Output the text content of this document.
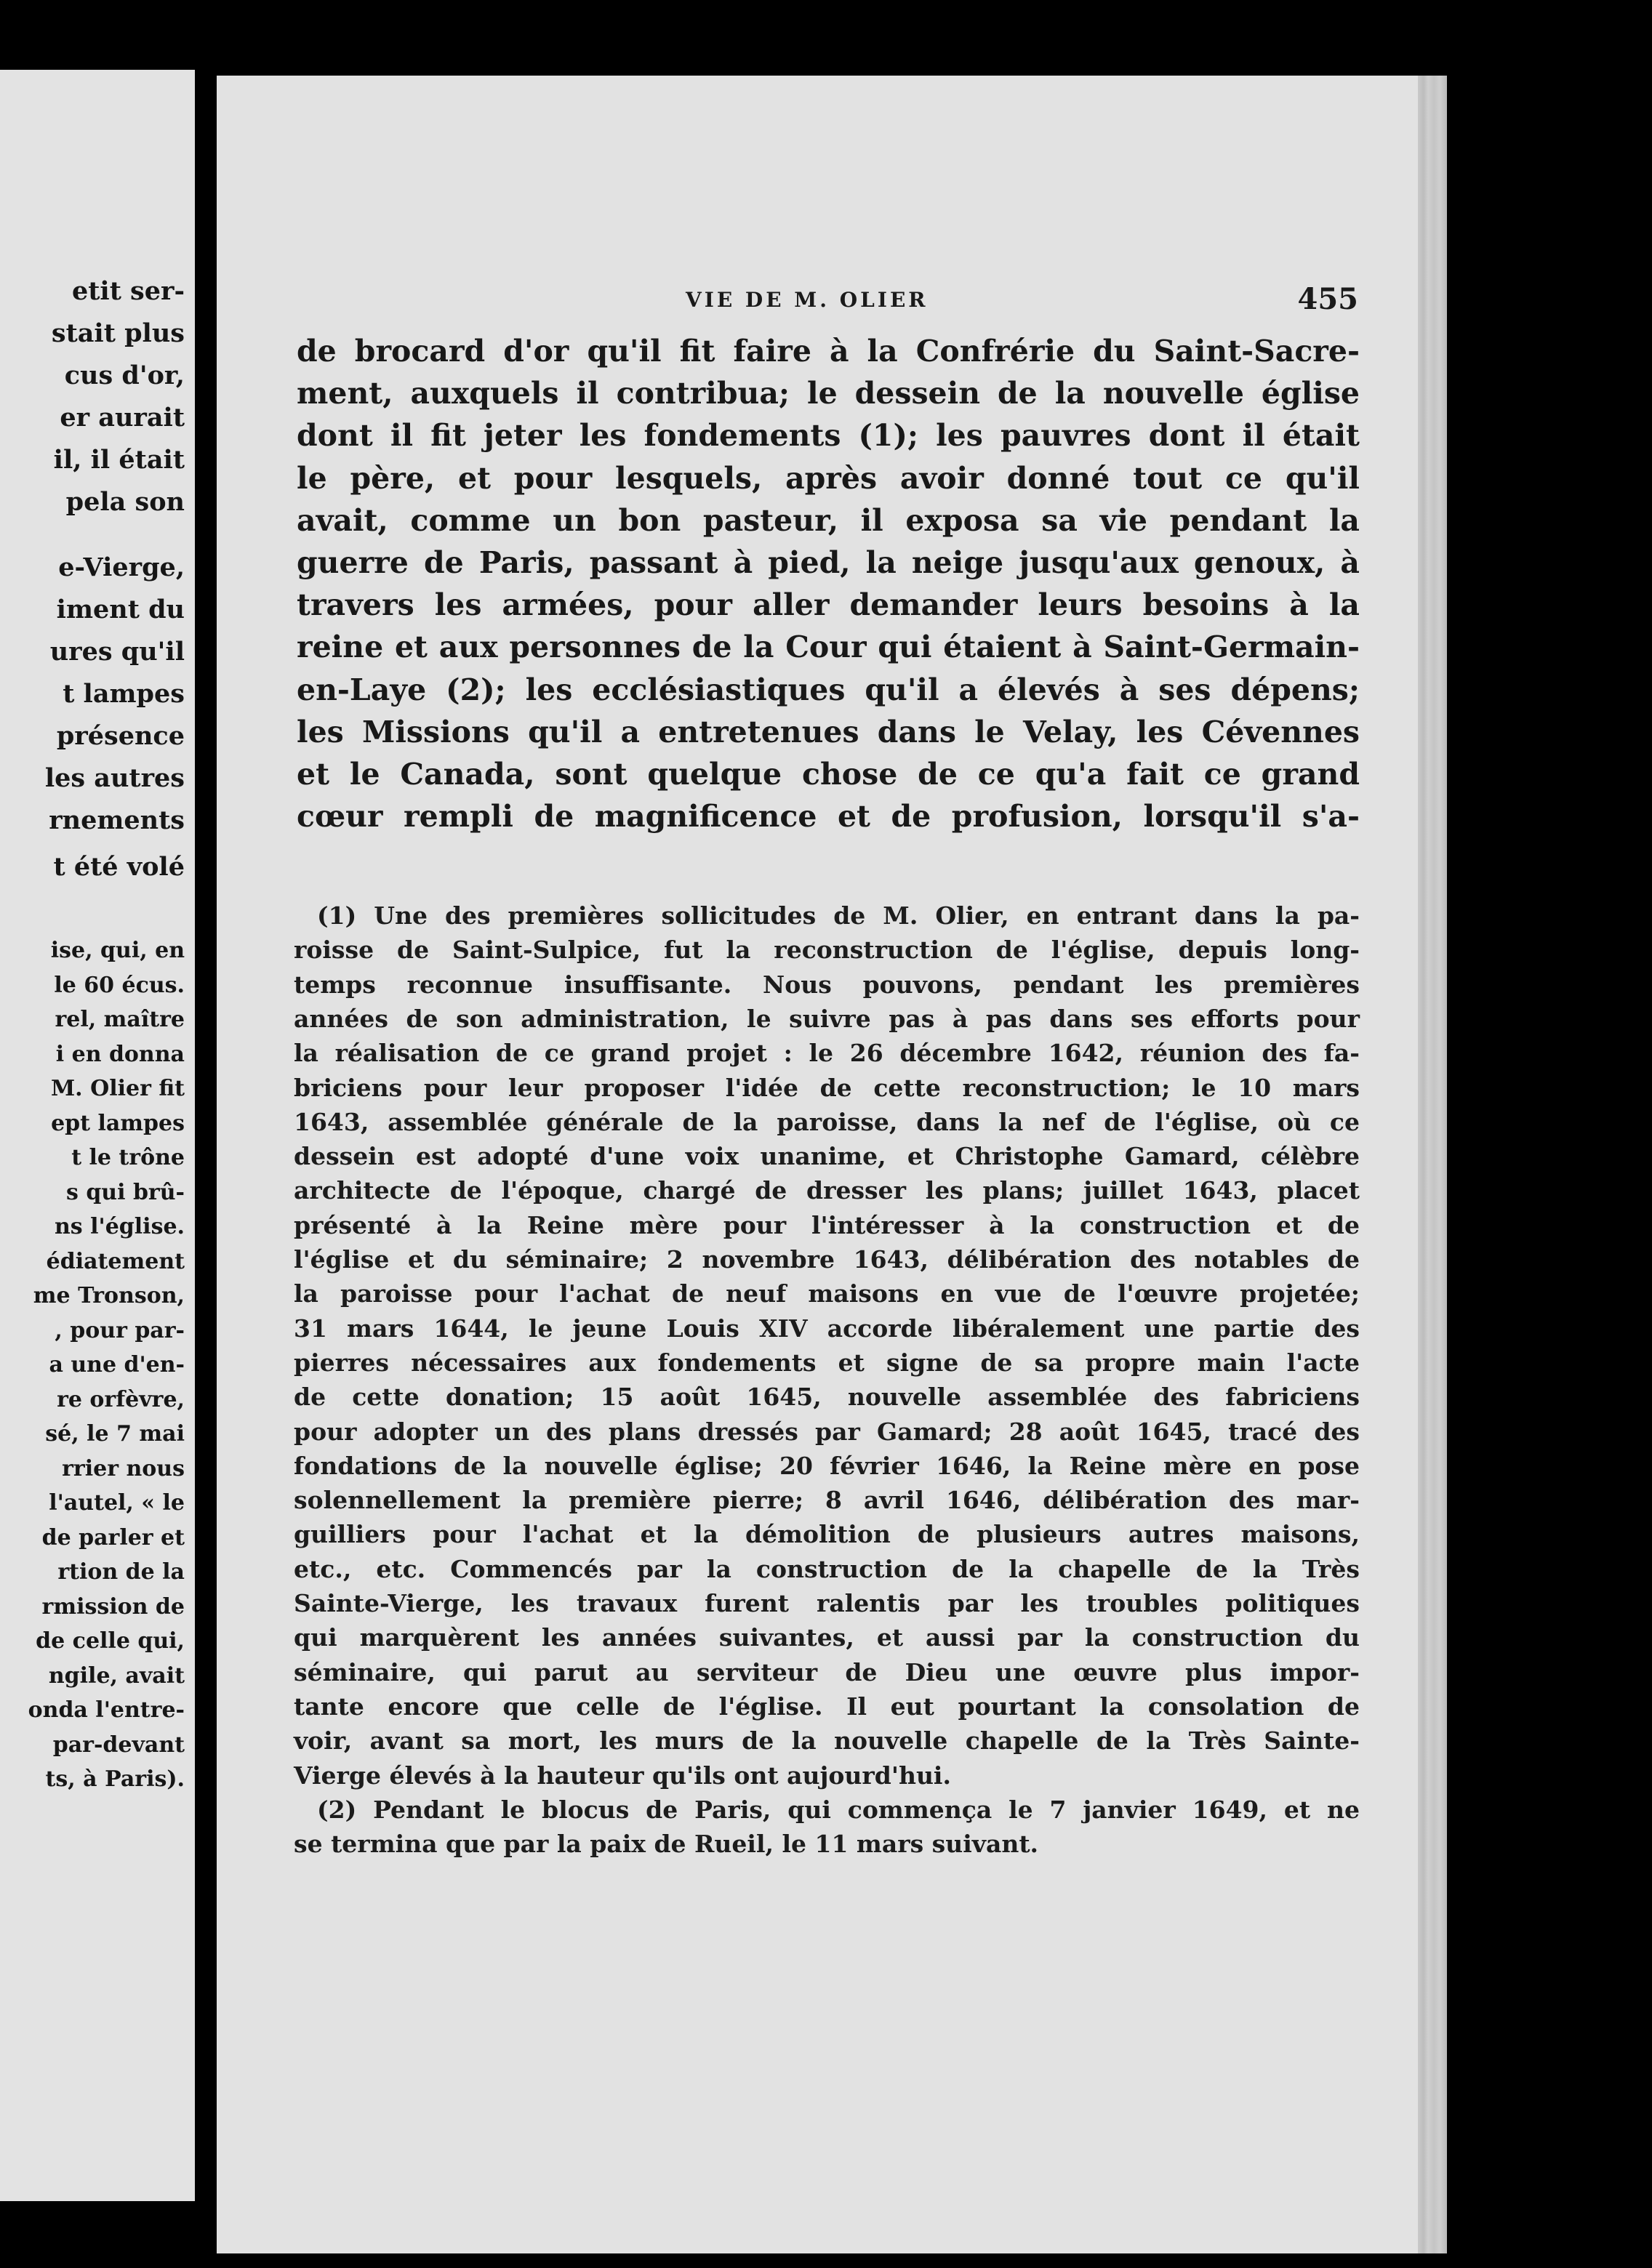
etit ser-
stait plus
cus d'or,
er aurait
il, il était
pela son
e-Vierge,
iment du
ures qu'il
t lampes
présence
les autres
rnements
t été volé
ise, qui, en
le 60 écus.
rel, maître
i en donna
M. Olier fit
ept lampes
t le trône
s qui brû-
ns l'église.
édiatement
me Tronson,
, pour par-
a une d'en-
re orfèvre,
sé, le 7 mai
rrier nous
l'autel, « le
de parler et
rtion de la
rmission de
de celle qui,
ngile, avait
onda l'entre-
par-devant
ts, à Paris).
VIE DE M. OLIER	455
de brocard d'or qu'il fit faire à la Confrérie du Saint-Sacre-
ment, auxquels il contribua; le dessein de la nouvelle église
dont il fit jeter les fondements (1); les pauvres dont il était
le père, et pour lesquels, après avoir donné tout ce qu'il
avait, comme un bon pasteur, il exposa sa vie pendant la
guerre de Paris, passant à pied, la neige jusqu'aux genoux, à
travers les armées, pour aller demander leurs besoins à la
reine et aux personnes de la Cour qui étaient à Saint-Germain-
en-Laye (2); les ecclésiastiques qu'il a élevés à ses dépens;
les Missions qu'il a entretenues dans le Velay, les Cévennes
et le Canada, sont quelque chose de ce qu'a fait ce grand
cœur rempli de magnificence et de profusion, lorsqu'il s'a-
(1) Une des premières sollicitudes de M. Olier, en entrant dans la pa-
roisse de Saint-Sulpice, fut la reconstruction de l'église, depuis long-
temps reconnue insuffisante. Nous pouvons, pendant les premières
années de son administration, le suivre pas à pas dans ses efforts pour
la réalisation de ce grand projet : le 26 décembre 1642, réunion des fa-
briciens pour leur proposer l'idée de cette reconstruction; le 10 mars
1643, assemblée générale de la paroisse, dans la nef de l'église, où ce
dessein est adopté d'une voix unanime, et Christophe Gamard, célèbre
architecte de l'époque, chargé de dresser les plans; juillet 1643, placet
présenté à la Reine mère pour l'intéresser à la construction et de
l'église et du séminaire; 2 novembre 1643, délibération des notables de
la paroisse pour l'achat de neuf maisons en vue de l'œuvre projetée;
31 mars 1644, le jeune Louis XIV accorde libéralement une partie des
pierres nécessaires aux fondements et signe de sa propre main l'acte
de cette donation; 15 août 1645, nouvelle assemblée des fabriciens
pour adopter un des plans dressés par Gamard; 28 août 1645, tracé des
fondations de la nouvelle église; 20 février 1646, la Reine mère en pose
solennellement la première pierre; 8 avril 1646, délibération des mar-
guilliers pour l'achat et la démolition de plusieurs autres maisons,
etc., etc. Commencés par la construction de la chapelle de la Très
Sainte-Vierge, les travaux furent ralentis par les troubles politiques
qui marquèrent les années suivantes, et aussi par la construction du
séminaire, qui parut au serviteur de Dieu une œuvre plus impor-
tante encore que celle de l'église. Il eut pourtant la consolation de
voir, avant sa mort, les murs de la nouvelle chapelle de la Très Sainte-
Vierge élevés à la hauteur qu'ils ont aujourd'hui.
(2) Pendant le blocus de Paris, qui commença le 7 janvier 1649, et ne
se termina que par la paix de Rueil, le 11 mars suivant.
